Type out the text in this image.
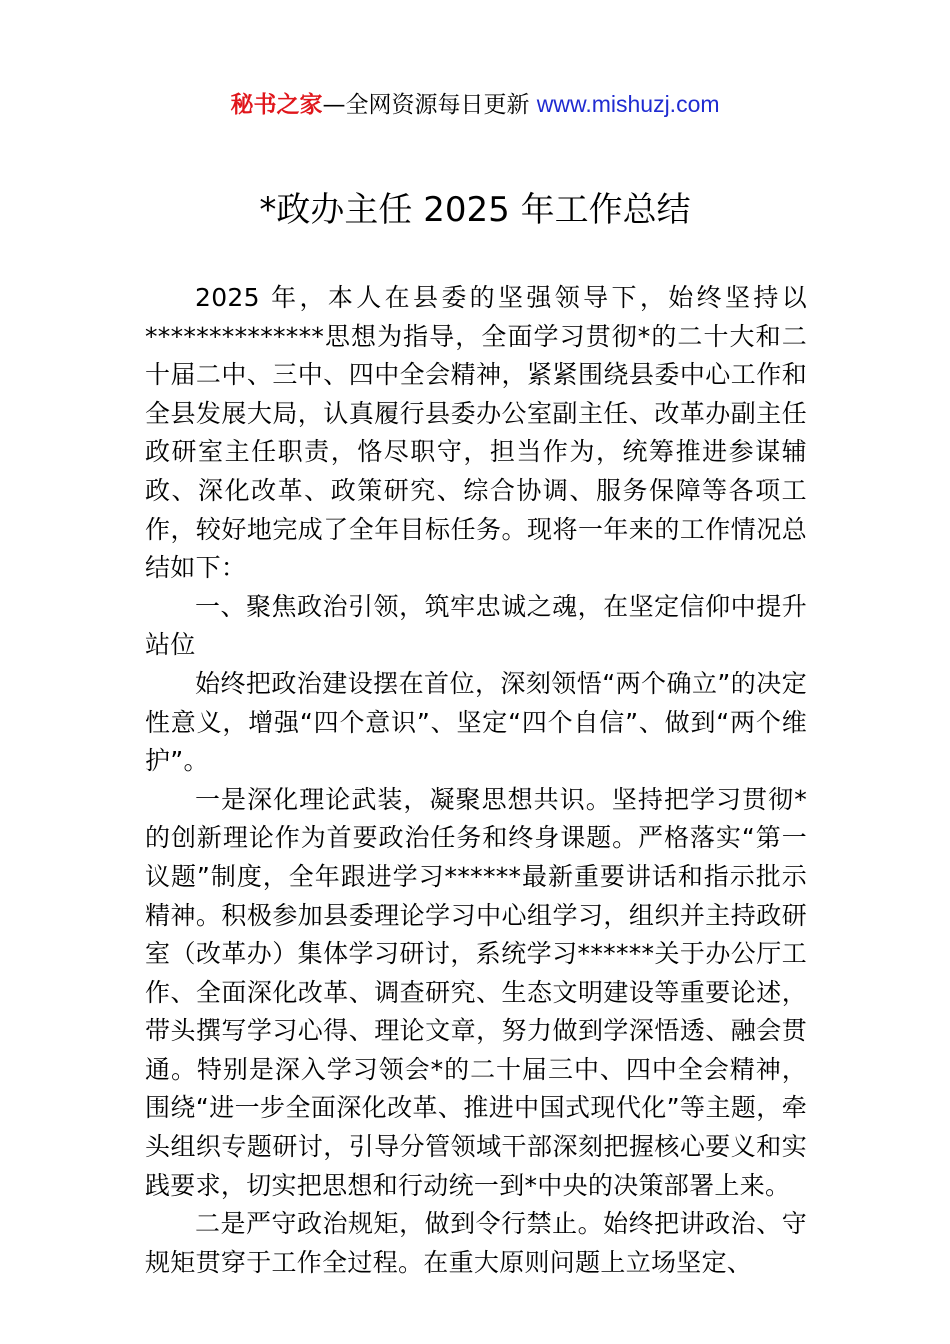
秘书之家—全网资源每日更新 www.mishuzj.com
*政办主任 2025 年工作总结

2025 年，本人在县委的坚强领导下，始终坚持以**************思想为指导，全面学习贯彻*的二十大和二十届二中、三中、四中全会精神，紧紧围绕县委中心工作和全县发展大局，认真履行县委办公室副主任、改革办副主任政研室主任职责，恪尽职守，担当作为，统筹推进参谋辅政、深化改革、政策研究、综合协调、服务保障等各项工作，较好地完成了全年目标任务。现将一年来的工作情况总结如下：

一、聚焦政治引领，筑牢忠诚之魂，在坚定信仰中提升站位

始终把政治建设摆在首位，深刻领悟“两个确立”的决定性意义，增强“四个意识”、坚定“四个自信”、做到“两个维护”。

一是深化理论武装，凝聚思想共识。坚持把学习贯彻*的创新理论作为首要政治任务和终身课题。严格落实“第一议题”制度，全年跟进学习******最新重要讲话和指示批示精神。积极参加县委理论学习中心组学习，组织并主持政研室（改革办）集体学习研讨，系统学习******关于办公厅工作、全面深化改革、调查研究、生态文明建设等重要论述，带头撰写学习心得、理论文章，努力做到学深悟透、融会贯通。特别是深入学习领会*的二十届三中、四中全会精神，围绕“进一步全面深化改革、推进中国式现代化”等主题，牵头组织专题研讨，引导分管领域干部深刻把握核心要义和实践要求，切实把思想和行动统一到*中央的决策部署上来。

二是严守政治规矩，做到令行禁止。始终把讲政治、守规矩贯穿于工作全过程。在重大原则问题上立场坚定、
